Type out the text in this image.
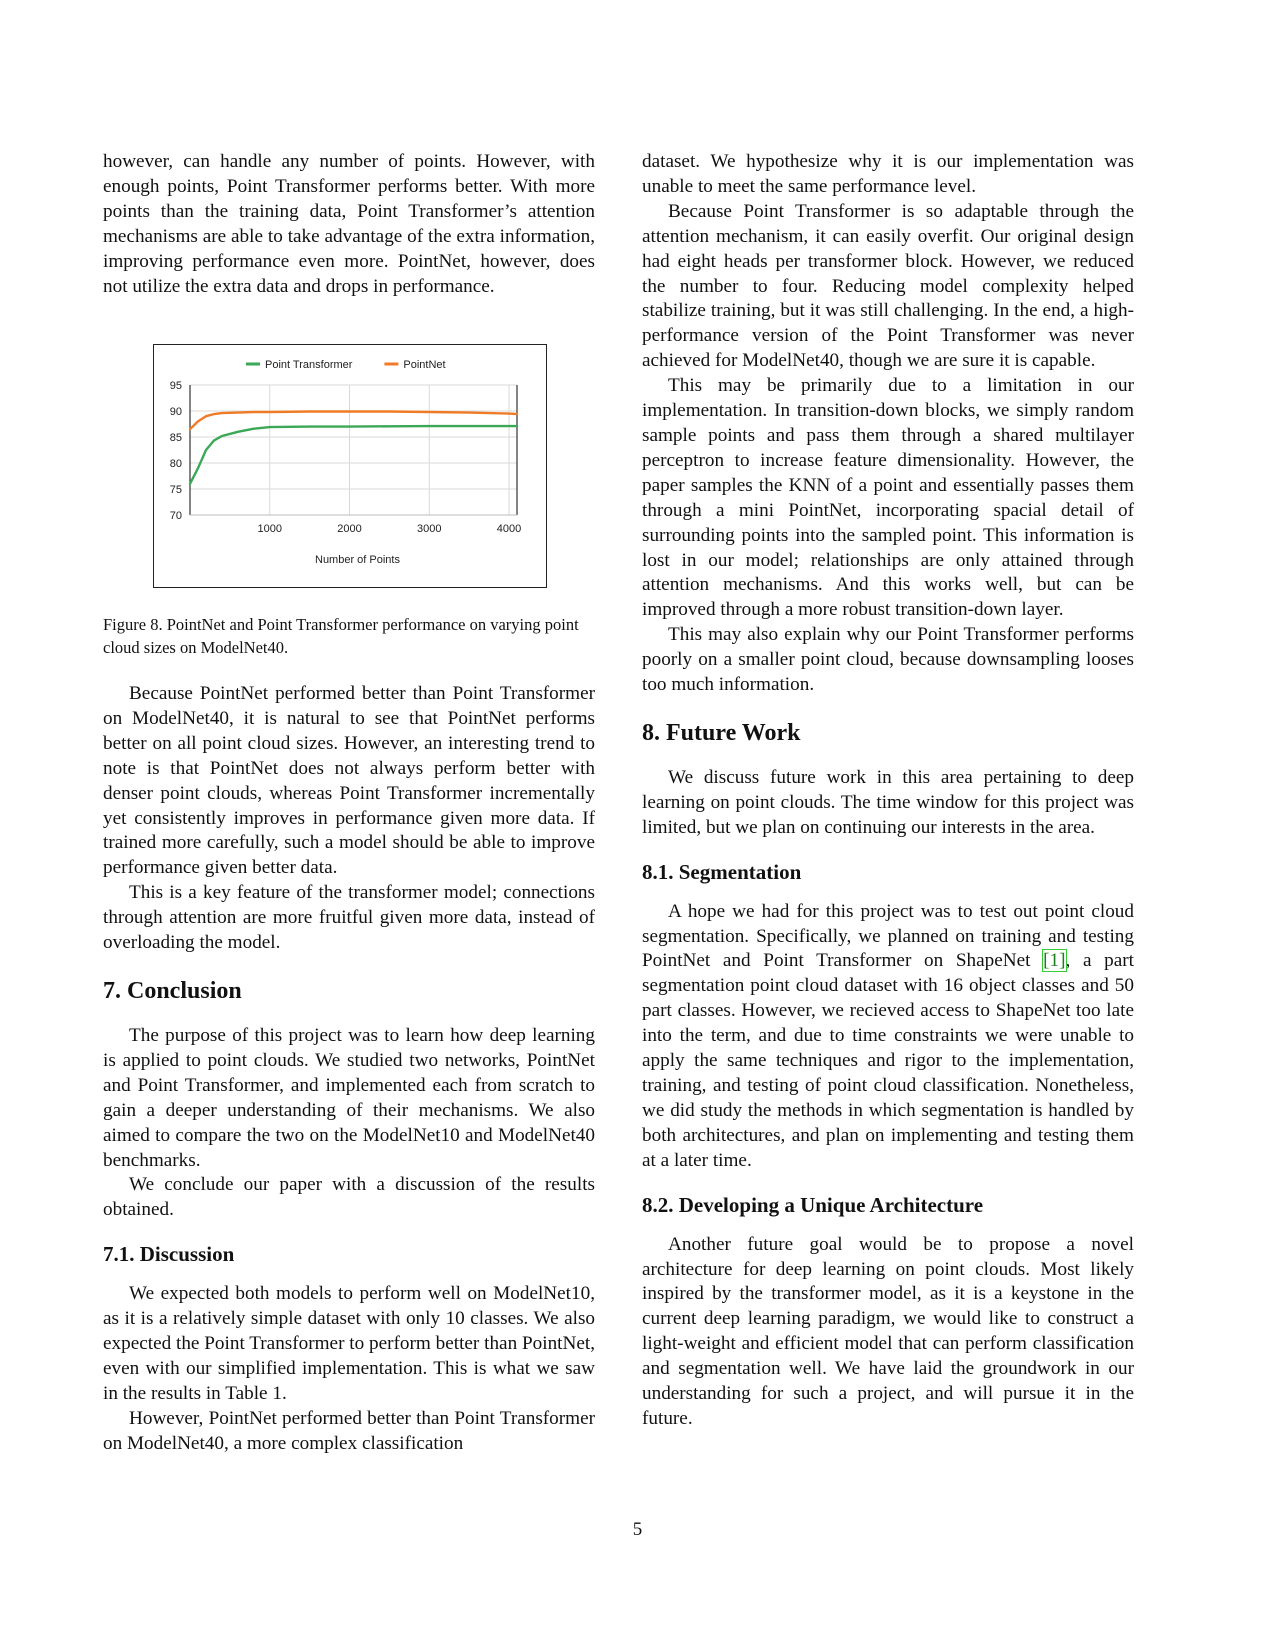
however, can handle any number of points. However, with enough points, Point Transformer performs better. With more points than the training data, Point Transformer’s attention mechanisms are able to take advantage of the extra information, improving performance even more. PointNet, however, does not utilize the extra data and drops in performance.

70
75
80
85
90
95
1000	2000	3000	4000
Point Transformer	PointNet
Number of Points

Figure 8. PointNet and Point Transformer performance on varying point cloud sizes on ModelNet40.

Because PointNet performed better than Point Transformer on ModelNet40, it is natural to see that PointNet performs better on all point cloud sizes. However, an interesting trend to note is that PointNet does not always perform better with denser point clouds, whereas Point Transformer incrementally yet consistently improves in performance given more data. If trained more carefully, such a model should be able to improve performance given better data.

This is a key feature of the transformer model; connections through attention are more fruitful given more data, instead of overloading the model.

7. Conclusion

The purpose of this project was to learn how deep learning is applied to point clouds. We studied two networks, PointNet and Point Transformer, and implemented each from scratch to gain a deeper understanding of their mechanisms. We also aimed to compare the two on the ModelNet10 and ModelNet40 benchmarks.

We conclude our paper with a discussion of the results obtained.

7.1. Discussion

We expected both models to perform well on ModelNet10, as it is a relatively simple dataset with only 10 classes. We also expected the Point Transformer to perform better than PointNet, even with our simplified implementation. This is what we saw in the results in Table 1.

However, PointNet performed better than Point Transformer on ModelNet40, a more complex classification

dataset. We hypothesize why it is our implementation was unable to meet the same performance level.

Because Point Transformer is so adaptable through the attention mechanism, it can easily overfit. Our original design had eight heads per transformer block. However, we reduced the number to four. Reducing model complexity helped stabilize training, but it was still challenging. In the end, a high-performance version of the Point Transformer was never achieved for ModelNet40, though we are sure it is capable.

This may be primarily due to a limitation in our implementation. In transition-down blocks, we simply random sample points and pass them through a shared multilayer perceptron to increase feature dimensionality. However, the paper samples the KNN of a point and essentially passes them through a mini PointNet, incorporating spacial detail of surrounding points into the sampled point. This information is lost in our model; relationships are only attained through attention mechanisms. And this works well, but can be improved through a more robust transition-down layer.

This may also explain why our Point Transformer performs poorly on a smaller point cloud, because downsampling looses too much information.

8. Future Work

We discuss future work in this area pertaining to deep learning on point clouds. The time window for this project was limited, but we plan on continuing our interests in the area.

8.1. Segmentation

A hope we had for this project was to test out point cloud segmentation. Specifically, we planned on training and testing PointNet and Point Transformer on ShapeNet [1], a part segmentation point cloud dataset with 16 object classes and 50 part classes. However, we recieved access to ShapeNet too late into the term, and due to time constraints we were unable to apply the same techniques and rigor to the implementation, training, and testing of point cloud classification. Nonetheless, we did study the methods in which segmentation is handled by both architectures, and plan on implementing and testing them at a later time.

8.2. Developing a Unique Architecture

Another future goal would be to propose a novel architecture for deep learning on point clouds. Most likely inspired by the transformer model, as it is a keystone in the current deep learning paradigm, we would like to construct a light-weight and efficient model that can perform classification and segmentation well. We have laid the groundwork in our understanding for such a project, and will pursue it in the future.

5
